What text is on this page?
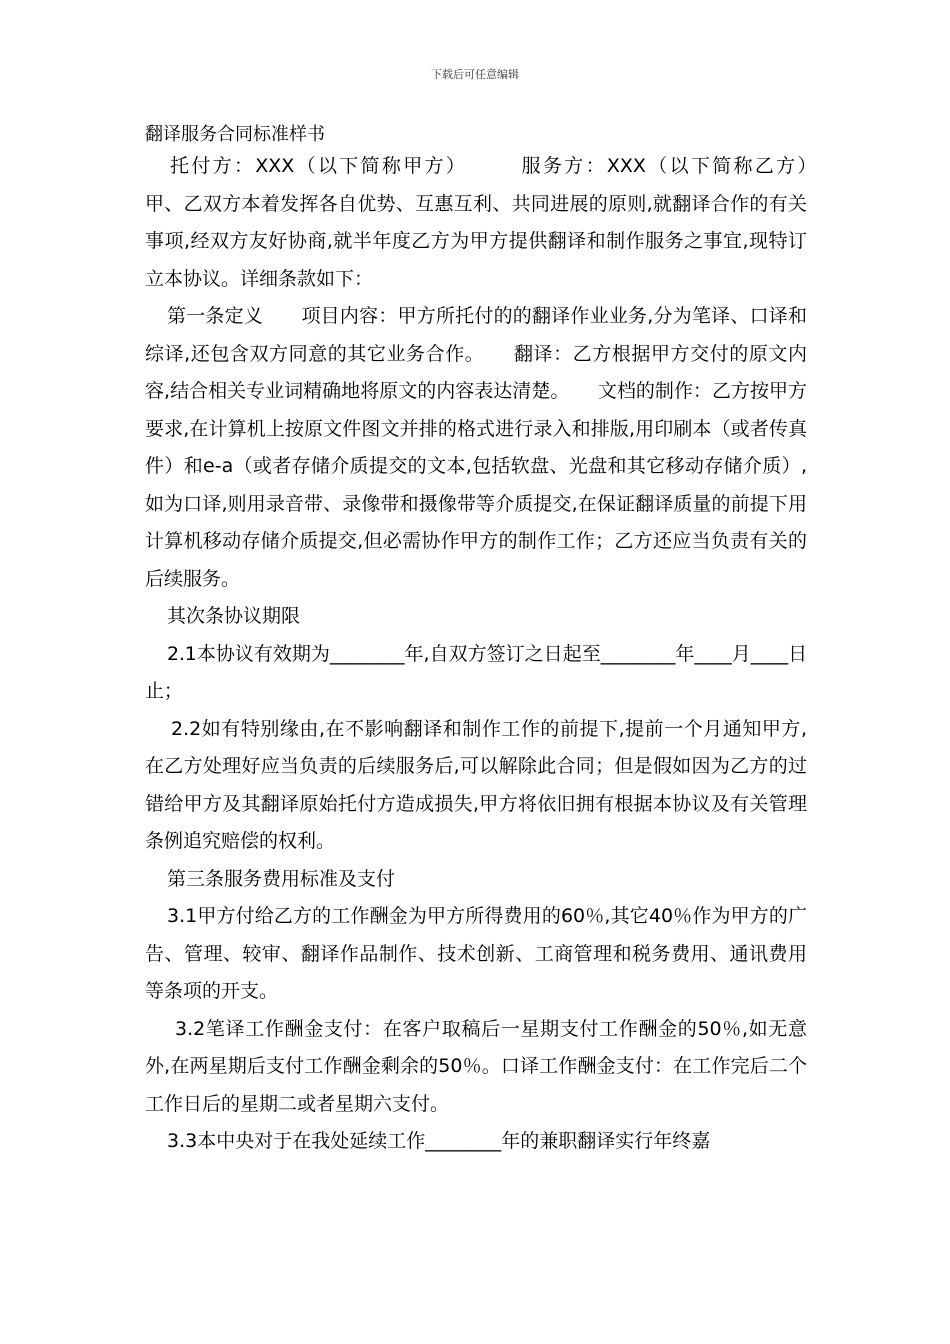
下载后可任意编辑
翻译服务合同标准样书

托付方：XXX（以下简称甲方）　　　服务方：XXX（以下简称乙方）　　甲、乙双方本着发挥各自优势、互惠互利、共同进展的原则,就翻译合作的有关事项,经双方友好协商,就半年度乙方为甲方提供翻译和制作服务之事宜,现特订立本协议。详细条款如下：

第一条定义　　项目内容：甲方所托付的的翻译作业业务,分为笔译、口译和综译,还包含双方同意的其它业务合作。　　翻译：乙方根据甲方交付的原文内容,结合相关专业词精确地将原文的内容表达清楚。　　文档的制作：乙方按甲方要求,在计算机上按原文件图文并排的格式进行录入和排版,用印刷本（或者传真件）和e-a（或者存储介质提交的文本,包括软盘、光盘和其它移动存储介质）,如为口译,则用录音带、录像带和摄像带等介质提交,在保证翻译质量的前提下用计算机移动存储介质提交,但必需协作甲方的制作工作；乙方还应当负责有关的后续服务。

其次条协议期限

2.1本协议有效期为________年,自双方签订之日起至________年____月____日止；

2.2如有特别缘由,在不影响翻译和制作工作的前提下,提前一个月通知甲方,在乙方处理好应当负责的后续服务后,可以解除此合同；但是假如因为乙方的过错给甲方及其翻译原始托付方造成损失,甲方将依旧拥有根据本协议及有关管理条例追究赔偿的权利。

第三条服务费用标准及支付

3.1甲方付给乙方的工作酬金为甲方所得费用的60％,其它40％作为甲方的广告、管理、较审、翻译作品制作、技术创新、工商管理和税务费用、通讯费用等条项的开支。

3.2笔译工作酬金支付：在客户取稿后一星期支付工作酬金的50％,如无意外,在两星期后支付工作酬金剩余的50％。口译工作酬金支付：在工作完后二个工作日后的星期二或者星期六支付。

3.3本中央对于在我处延续工作________年的兼职翻译实行年终嘉
